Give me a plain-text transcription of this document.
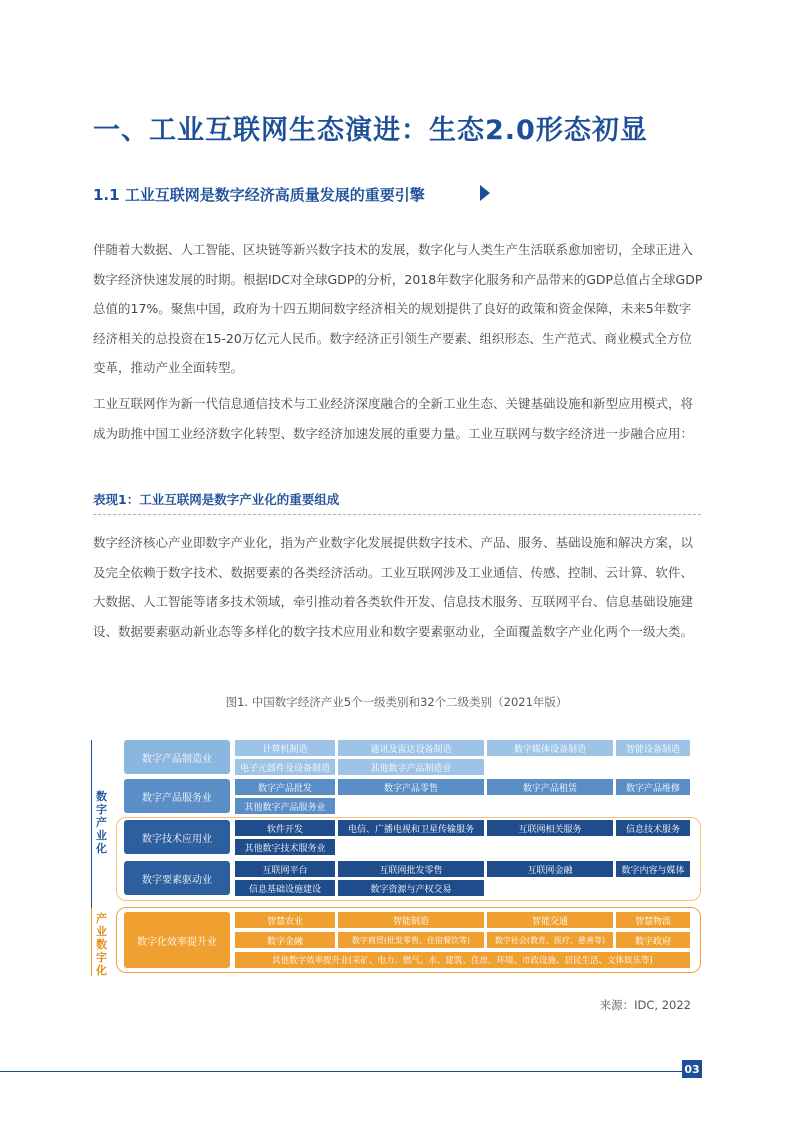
一、工业互联网生态演进：生态2.0形态初显
1.1 工业互联网是数字经济高质量发展的重要引擎
伴随着大数据、人工智能、区块链等新兴数字技术的发展，数字化与人类生产生活联系愈加密切，全球正进入数字经济快速发展的时期。根据IDC对全球GDP的分析，2018年数字化服务和产品带来的GDP总值占全球GDP总值的17%。聚焦中国，政府为十四五期间数字经济相关的规划提供了良好的政策和资金保障，未来5年数字经济相关的总投资在15-20万亿元人民币。数字经济正引领生产要素、组织形态、生产范式、商业模式全方位变革，推动产业全面转型。
工业互联网作为新一代信息通信技术与工业经济深度融合的全新工业生态、关键基础设施和新型应用模式，将成为助推中国工业经济数字化转型、数字经济加速发展的重要力量。工业互联网与数字经济进一步融合应用：
表现1：工业互联网是数字产业化的重要组成
数字经济核心产业即数字产业化，指为产业数字化发展提供数字技术、产品、服务、基础设施和解决方案，以及完全依赖于数字技术、数据要素的各类经济活动。工业互联网涉及工业通信、传感、控制、云计算、软件、大数据、人工智能等诸多技术领域，牵引推动着各类软件开发、信息技术服务、互联网平台、信息基础设施建设、数据要素驱动新业态等多样化的数字技术应用业和数字要素驱动业，全面覆盖数字产业化两个一级大类。
图1. 中国数字经济产业5个一级类别和32个二级类别（2021年版）
数字产业化
产业数字化
数字产品制造业
计算机制造	通讯及雷达设备制造	数字媒体设备制造	智能设备制造
电子元器件及设备制造	其他数字产品制造业
数字产品服务业
数字产品批发	数字产品零售	数字产品租赁	数字产品维修
其他数字产品服务业
数字技术应用业
软件开发	电信、广播电视和卫星传输服务	互联网相关服务	信息技术服务
其他数字技术服务业
数字要素驱动业
互联网平台	互联网批发零售	互联网金融	数字内容与媒体
信息基础设施建设	数字资源与产权交易
数字化效率提升业
智慧农业	智能制造	智能交通	智慧物流
数字金融	数字商贸(批发零售、住宿餐饮等)	数字社会(教育、医疗、慈善等)	数字政府
其他数字效率提升业(采矿、电力、燃气、水、建筑、住房、环境、市政设施、居民生活、文体娱乐等)
来源：IDC, 2022
03
